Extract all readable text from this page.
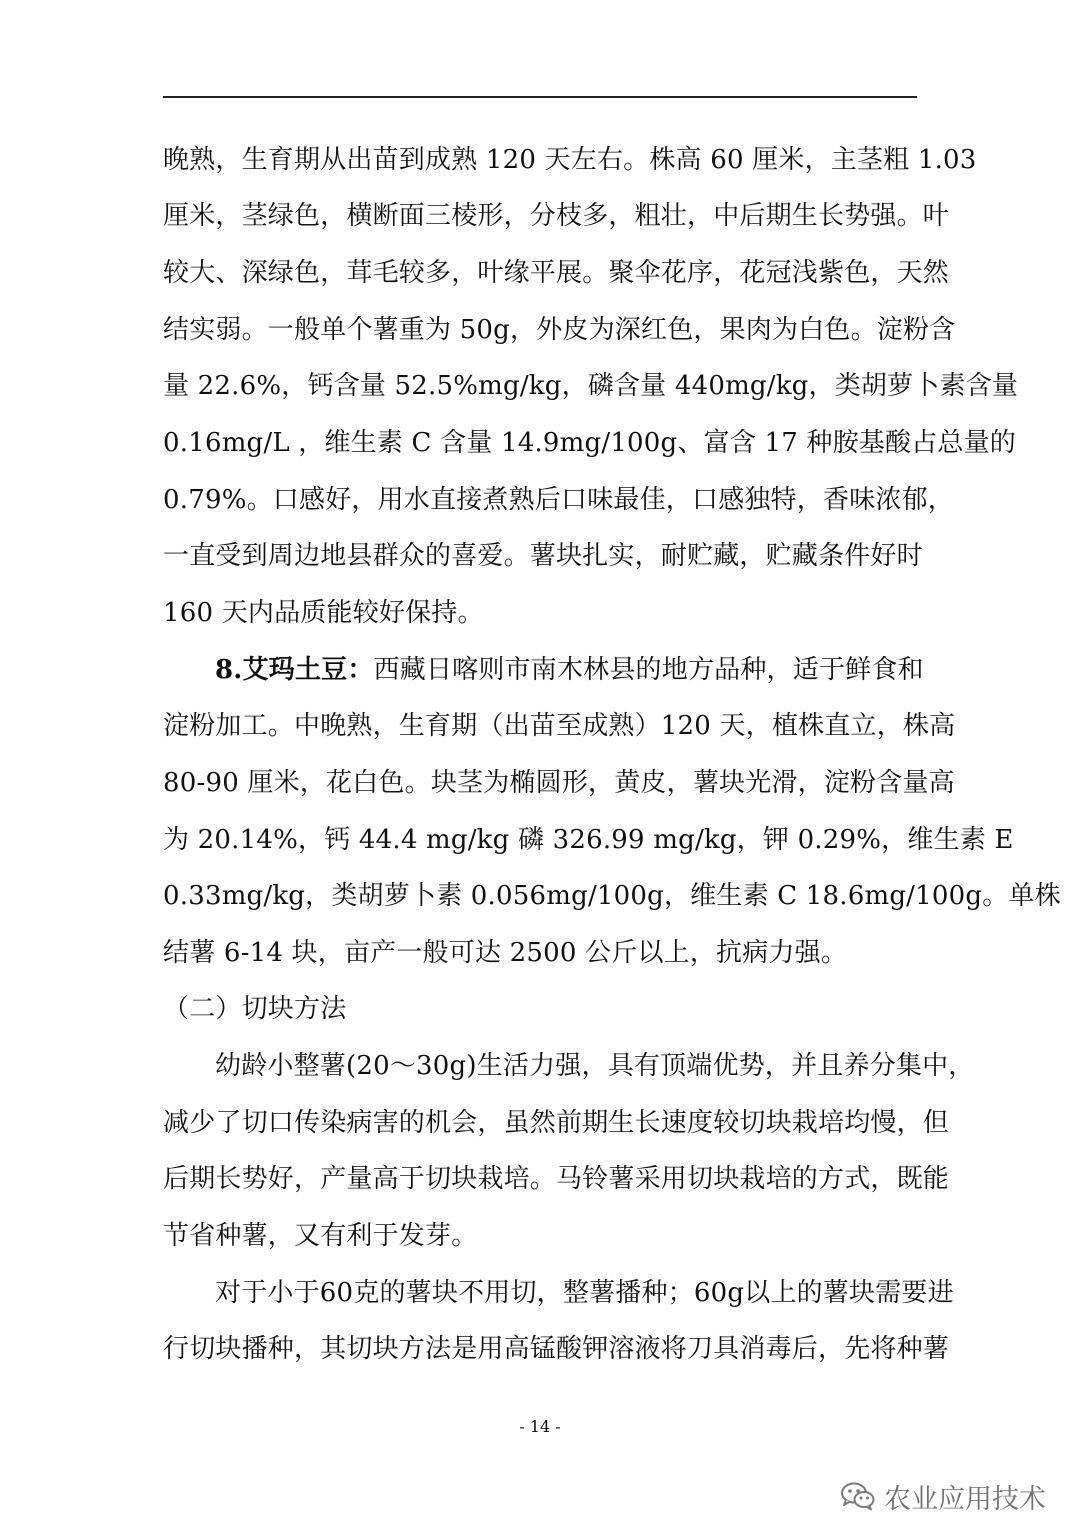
晚熟，生育期从出苗到成熟 120 天左右。株高 60 厘米，主茎粗 1.03
厘米，茎绿色，横断面三棱形，分枝多，粗壮，中后期生长势强。叶
较大、深绿色，茸毛较多，叶缘平展。聚伞花序，花冠浅紫色，天然
结实弱。一般单个薯重为 50g，外皮为深红色，果肉为白色。淀粉含
量 22.6%，钙含量 52.5%mg/kg，磷含量 440mg/kg，类胡萝卜素含量
0.16mg/L ，维生素 C 含量 14.9mg/100g、富含 17 种胺基酸占总量的
0.79%。口感好，用水直接煮熟后口味最佳，口感独特，香味浓郁，
一直受到周边地县群众的喜爱。薯块扎实，耐贮藏，贮藏条件好时
160 天内品质能较好保持。
8.艾玛土豆：西藏日喀则市南木林县的地方品种，适于鲜食和
淀粉加工。中晚熟，生育期（出苗至成熟）120 天，植株直立，株高
80-90 厘米，花白色。块茎为椭圆形，黄皮，薯块光滑，淀粉含量高
为 20.14%，钙 44.4 mg/kg 磷 326.99 mg/kg，钾 0.29%，维生素 E
0.33mg/kg，类胡萝卜素 0.056mg/100g，维生素 C 18.6mg/100g。单株
结薯 6-14 块，亩产一般可达 2500 公斤以上，抗病力强。
（二）切块方法
幼龄小整薯(20～30g)生活力强，具有顶端优势，并且养分集中，
减少了切口传染病害的机会，虽然前期生长速度较切块栽培均慢，但
后期长势好，产量高于切块栽培。马铃薯采用切块栽培的方式，既能
节省种薯，又有利于发芽。
对于小于60克的薯块不用切，整薯播种；60g以上的薯块需要进
行切块播种，其切块方法是用高锰酸钾溶液将刀具消毒后，先将种薯
- 14 -
农业应用技术
